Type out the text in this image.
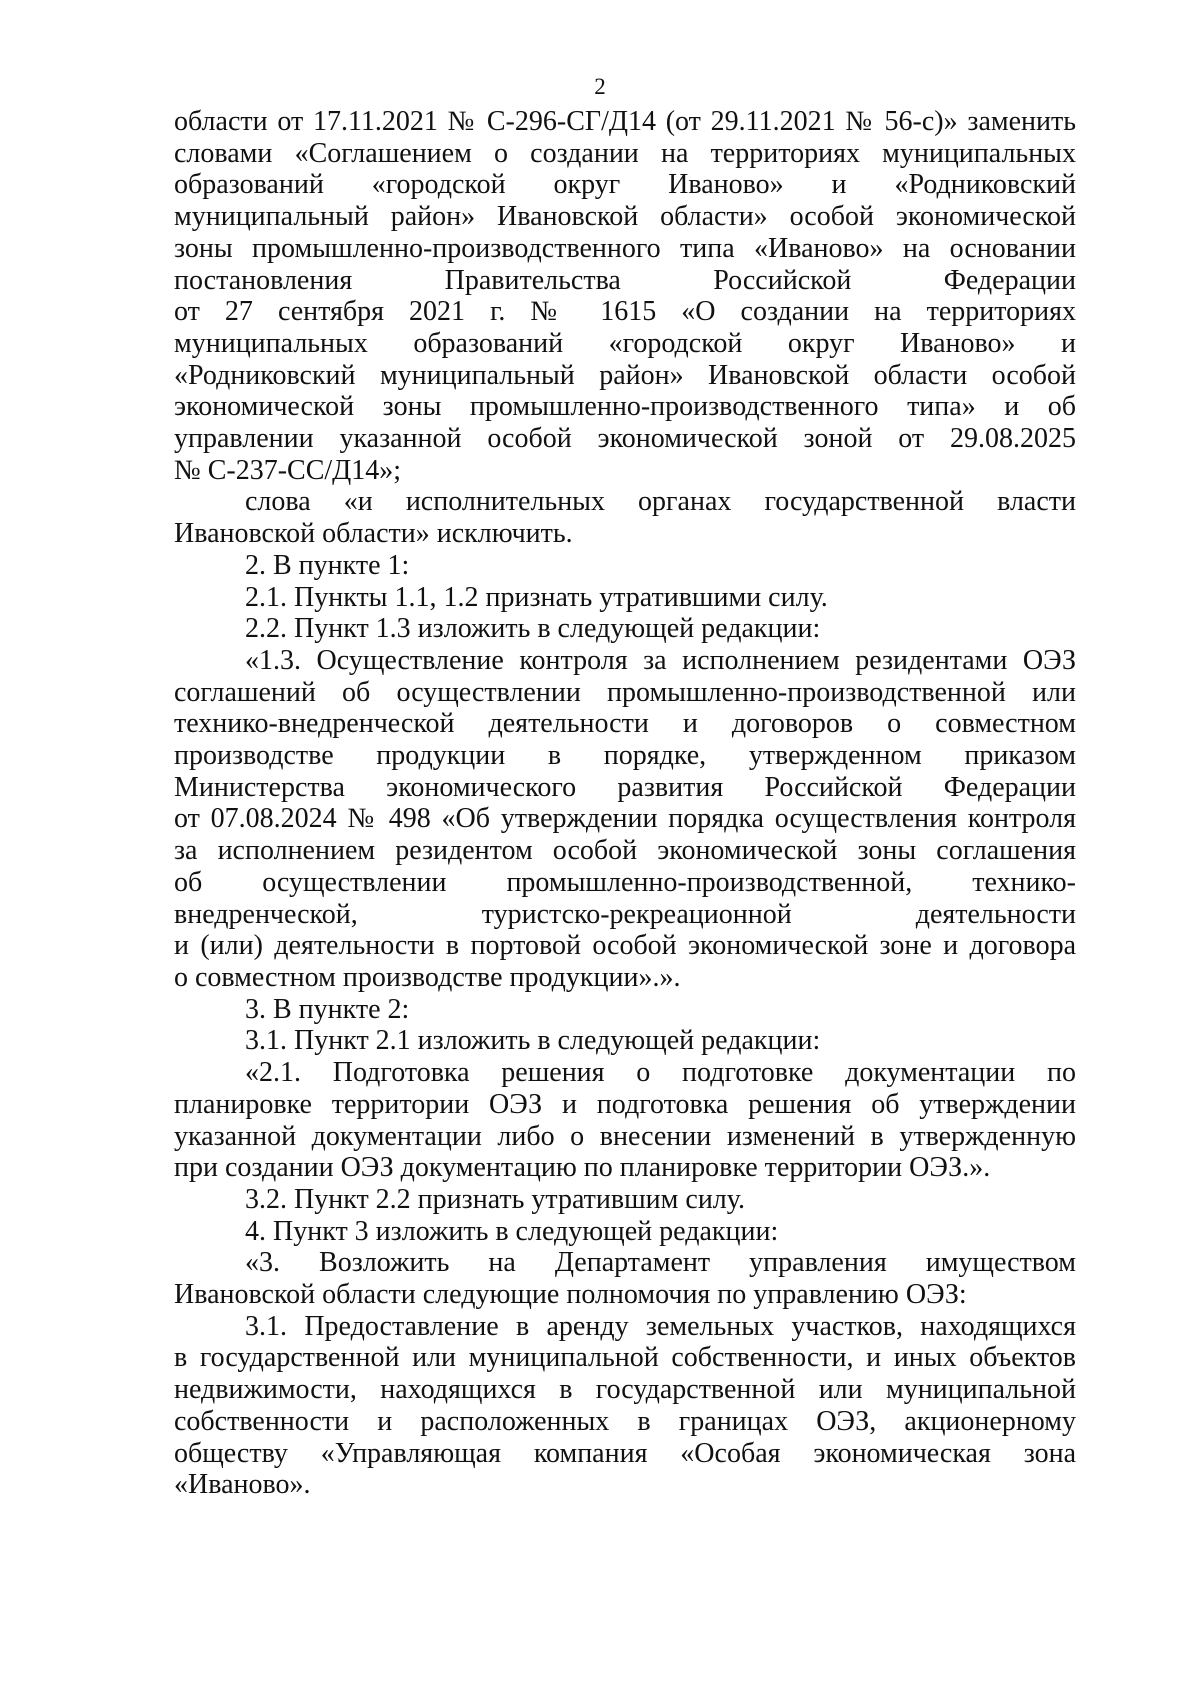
2
области от 17.11.2021 № С-296-СГ/Д14 (от 29.11.2021 № 56-с)» заменить
словами «Соглашением о создании на территориях муниципальных
образований «городской округ Иваново» и «Родниковский
муниципальный район» Ивановской области» особой экономической
зоны промышленно-производственного типа «Иваново» на основании
постановления Правительства Российской Федерации
от 27 сентября 2021 г. № 1615 «О создании на территориях
муниципальных образований «городской округ Иваново» и
«Родниковский муниципальный район» Ивановской области особой
экономической зоны промышленно-производственного типа» и об
управлении указанной особой экономической зоной от 29.08.2025
№ С-237-СС/Д14»;
слова «и исполнительных органах государственной власти
Ивановской области» исключить.
2. В пункте 1:
2.1. Пункты 1.1, 1.2 признать утратившими силу.
2.2. Пункт 1.3 изложить в следующей редакции:
«1.3. Осуществление контроля за исполнением резидентами ОЭЗ
соглашений об осуществлении промышленно-производственной или
технико-внедренческой деятельности и договоров о совместном
производстве продукции в порядке, утвержденном приказом
Министерства экономического развития Российской Федерации
от 07.08.2024 № 498 «Об утверждении порядка осуществления контроля
за исполнением резидентом особой экономической зоны соглашения
об осуществлении промышленно-производственной, технико-
внедренческой, туристско-рекреационной деятельности
и (или) деятельности в портовой особой экономической зоне и договора
о совместном производстве продукции».».
3. В пункте 2:
3.1. Пункт 2.1 изложить в следующей редакции:
«2.1. Подготовка решения о подготовке документации по
планировке территории ОЭЗ и подготовка решения об утверждении
указанной документации либо о внесении изменений в утвержденную
при создании ОЭЗ документацию по планировке территории ОЭЗ.».
3.2. Пункт 2.2 признать утратившим силу.
4. Пункт 3 изложить в следующей редакции:
«3. Возложить на Департамент управления имуществом
Ивановской области следующие полномочия по управлению ОЭЗ:
3.1. Предоставление в аренду земельных участков, находящихся
в государственной или муниципальной собственности, и иных объектов
недвижимости, находящихся в государственной или муниципальной
собственности и расположенных в границах ОЭЗ, акционерному
обществу «Управляющая компания «Особая экономическая зона
«Иваново».
